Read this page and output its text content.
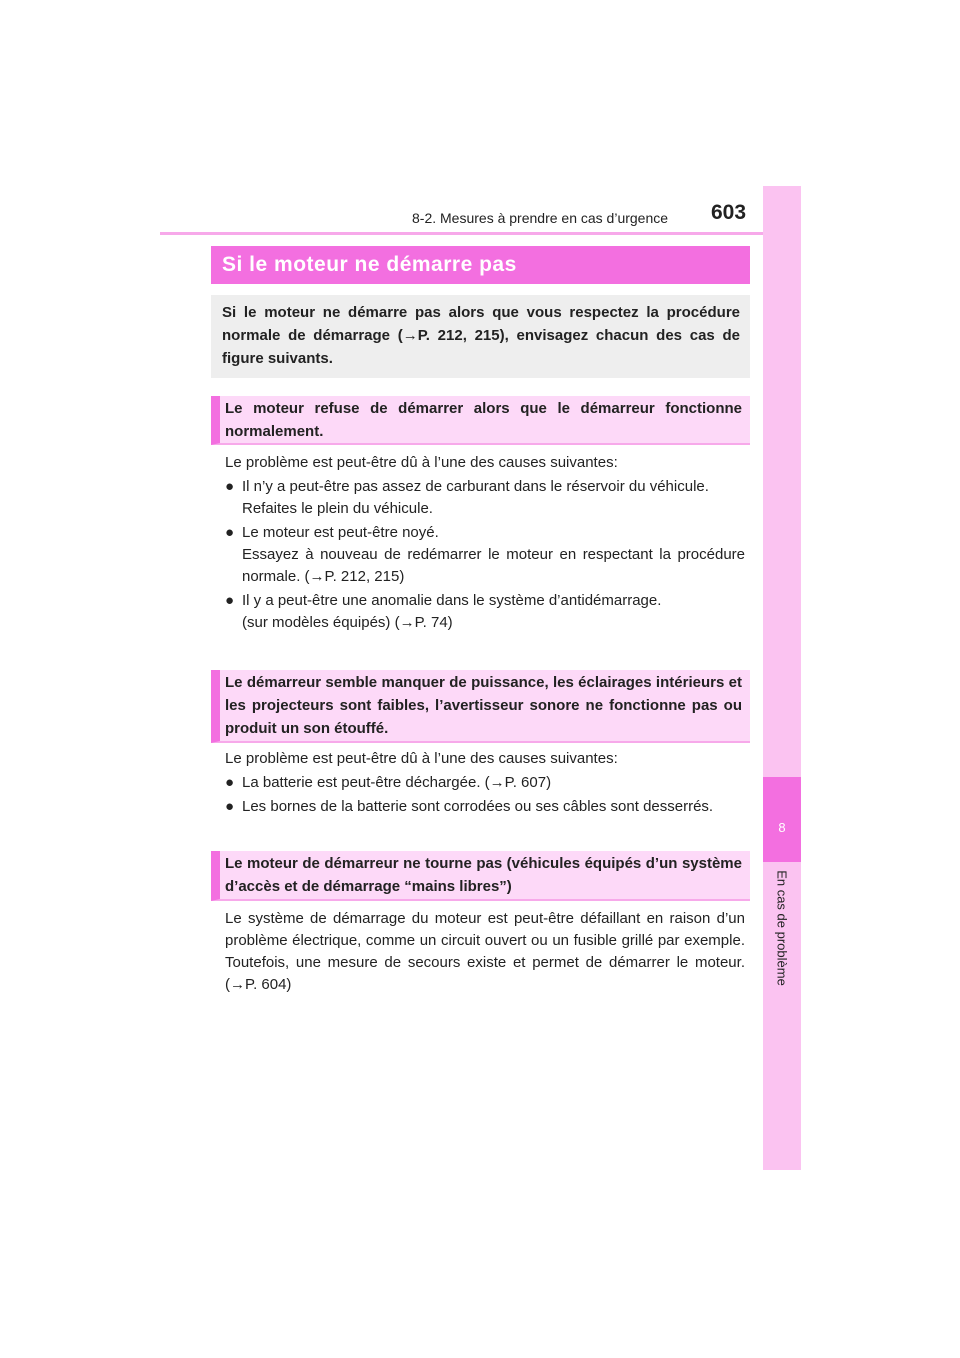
8-2. Mesures à prendre en cas d’urgence 603
8
En cas de problème
Si le moteur ne démarre pas
Si le moteur ne démarre pas alors que vous respectez la procédure normale de démarrage (→P. 212, 215), envisagez chacun des cas de figure suivants.
Le moteur refuse de démarrer alors que le démarreur fonctionne normalement.
Le problème est peut-être dû à l’une des causes suivantes:
● Il n’y a peut-être pas assez de carburant dans le réservoir du véhicule.
Refaites le plein du véhicule.
● Le moteur est peut-être noyé.
Essayez à nouveau de redémarrer le moteur en respectant la procédure normale. (→P. 212, 215)
● Il y a peut-être une anomalie dans le système d’antidémarrage.
(sur modèles équipés) (→P. 74)
Le démarreur semble manquer de puissance, les éclairages intérieurs et les projecteurs sont faibles, l’avertisseur sonore ne fonctionne pas ou produit un son étouffé.
Le problème est peut-être dû à l’une des causes suivantes:
● La batterie est peut-être déchargée. (→P. 607)
● Les bornes de la batterie sont corrodées ou ses câbles sont desserrés.
Le moteur de démarreur ne tourne pas (véhicules équipés d’un système d’accès et de démarrage “mains libres”)
Le système de démarrage du moteur est peut-être défaillant en raison d’un problème électrique, comme un circuit ouvert ou un fusible grillé par exemple. Toutefois, une mesure de secours existe et permet de démarrer le moteur. (→P. 604)
